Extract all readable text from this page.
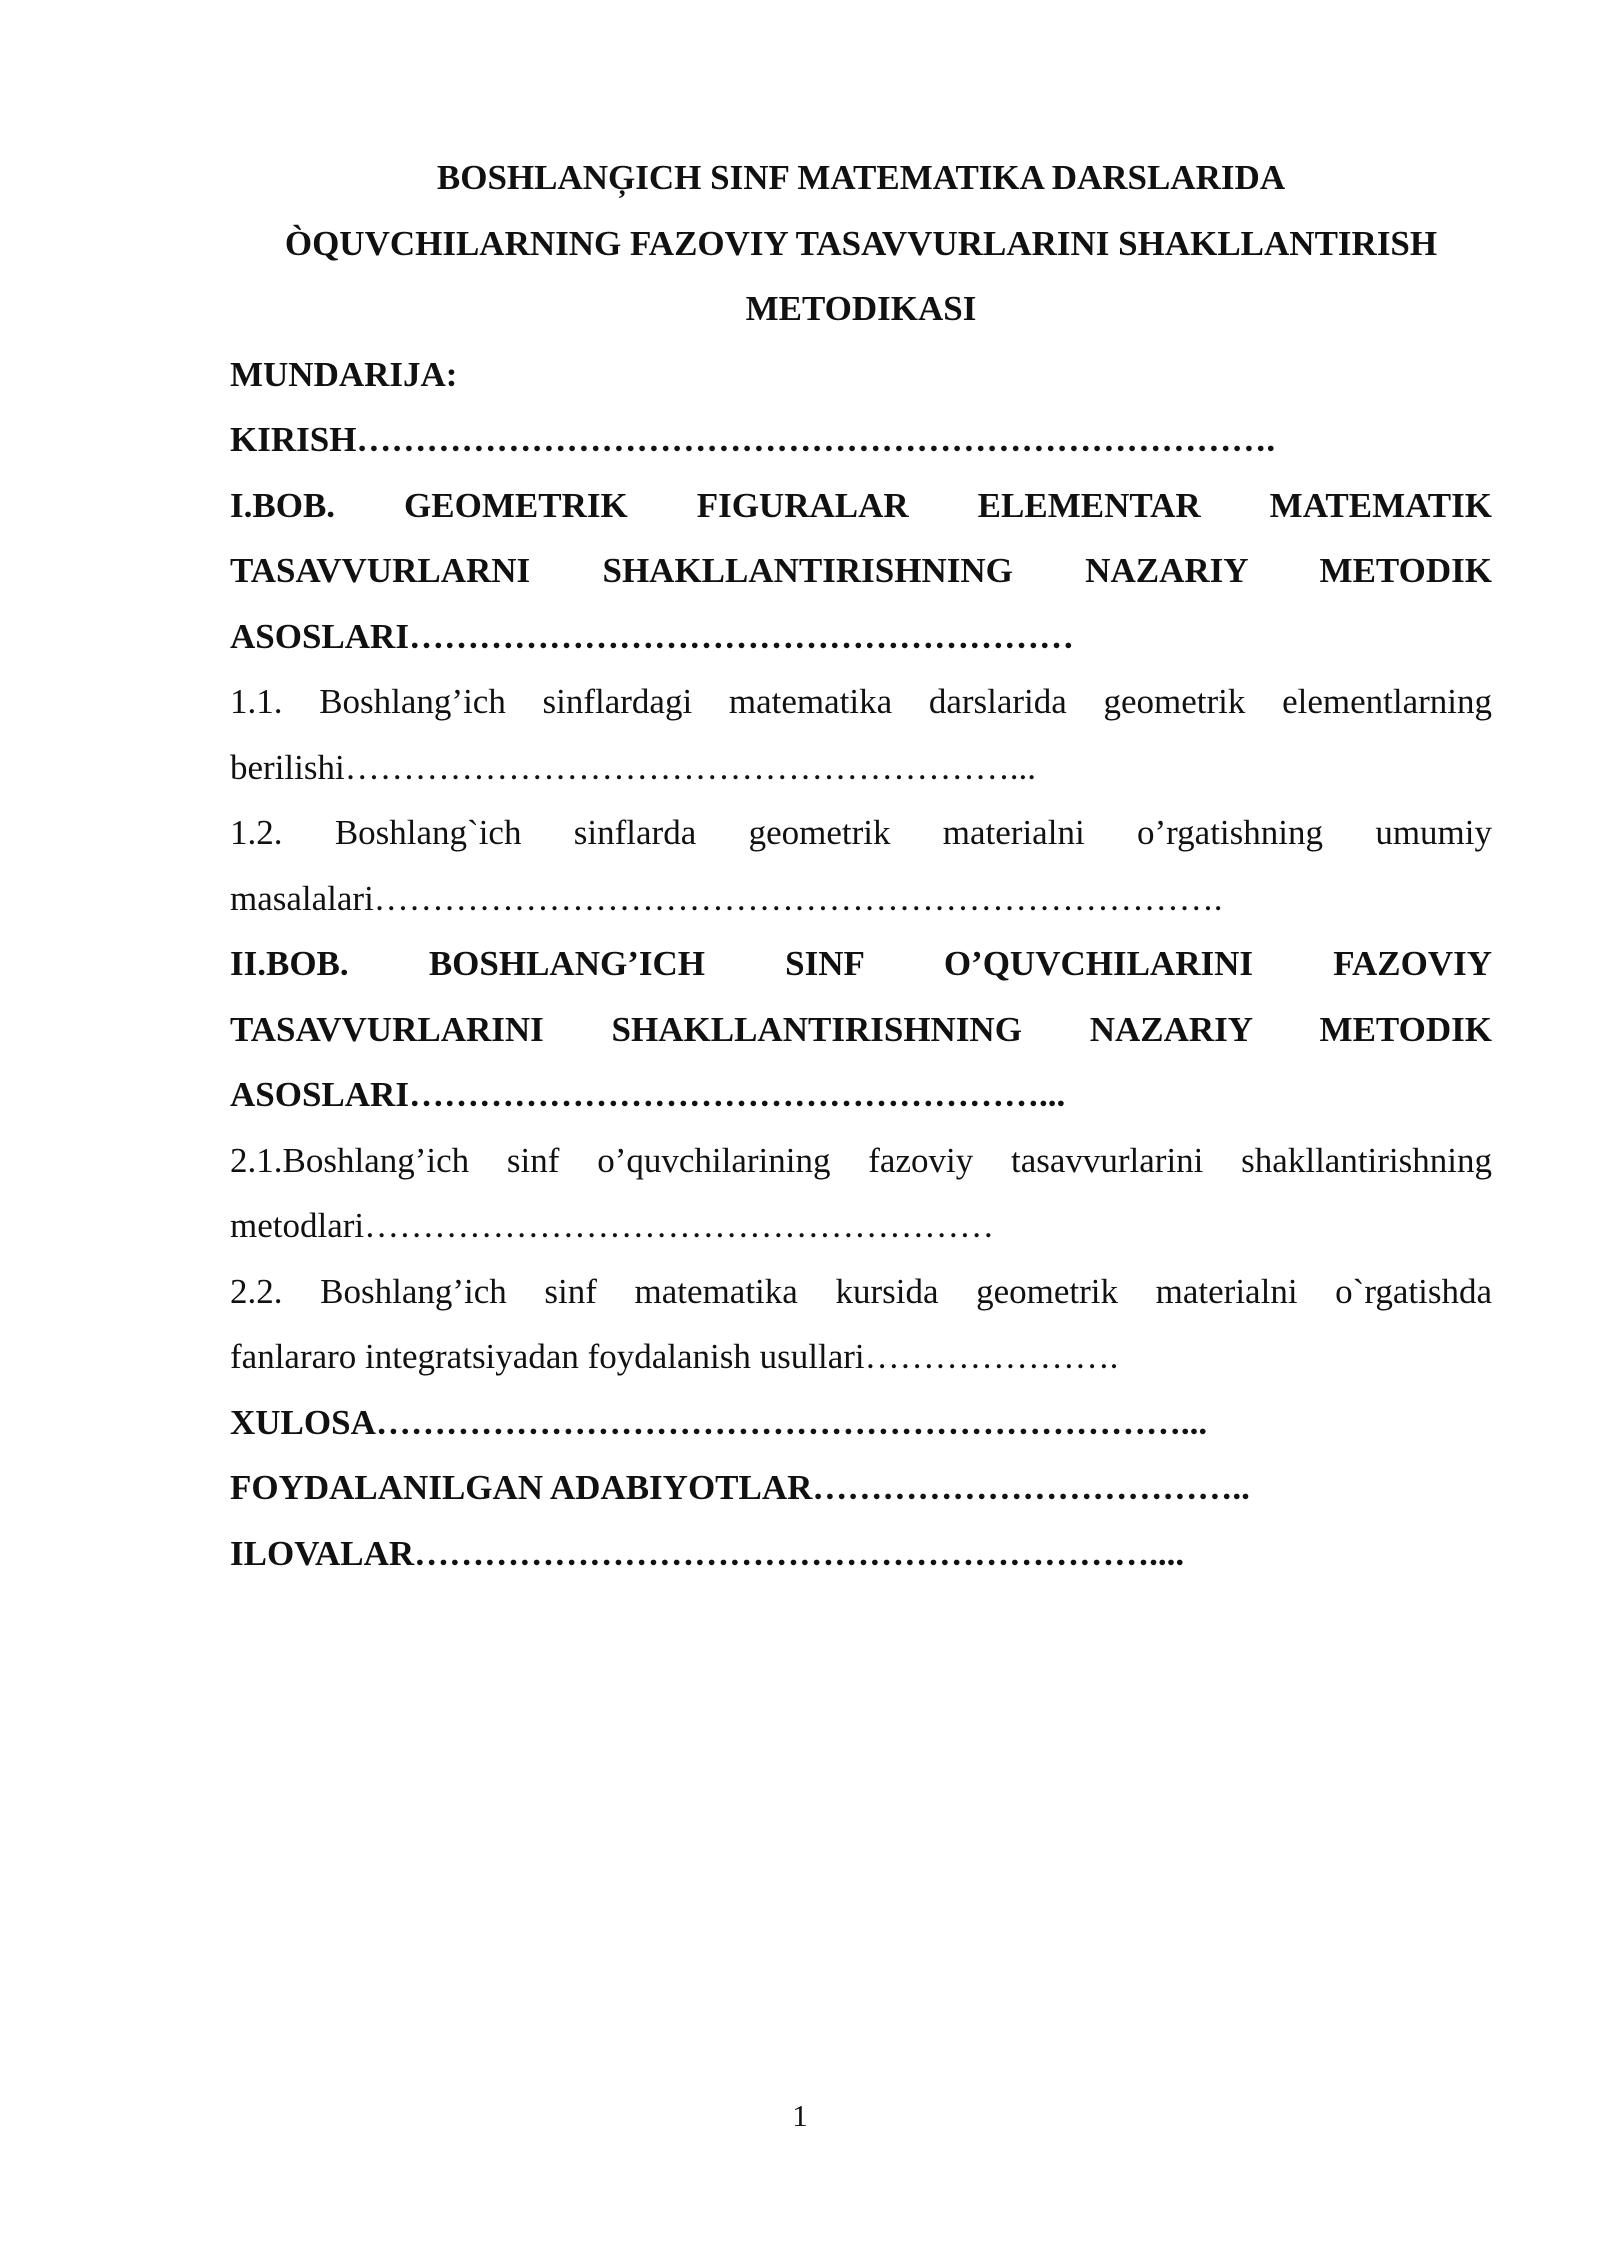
BOSHLANĢICH SINF MATEMATIKA DARSLARIDA
ÒQUVCHILARNING FAZOVIY TASAVVURLARINI SHAKLLANTIRISH
METODIKASI
MUNDARIJA:
KIRISH…………………………………………………………………….
I.BOB. GEOMETRIK FIGURALAR ELEMENTAR MATEMATIK
TASAVVURLARNI SHAKLLANTIRISHNING NAZARIY METODIK
ASOSLARI…………………………………………………
1.1. Boshlang’ich sinflardagi matematika darslarida geometrik elementlarning
berilishi…………………………………………………...
1.2. Boshlang`ich sinflarda geometrik materialni o’rgatishning umumiy
masalalari……………………………………………………………….
II.BOB. BOSHLANG’ICH SINF O’QUVCHILARINI FAZOVIY
TASAVVURLARINI SHAKLLANTIRISHNING NAZARIY METODIK
ASOSLARI………………………………………………...
2.1.Boshlang’ich sinf o’quvchilarining fazoviy tasavvurlarini shakllantirishning
metodlari………………………………………………
2.2. Boshlang’ich sinf matematika kursida geometrik materialni o`rgatishda
fanlararo integratsiyadan foydalanish usullari………………….
XULOSA……………………………………………………………...
FOYDALANILGAN ADABIYOTLAR………………………………..
ILOVALAR………………………………………………………....
1
